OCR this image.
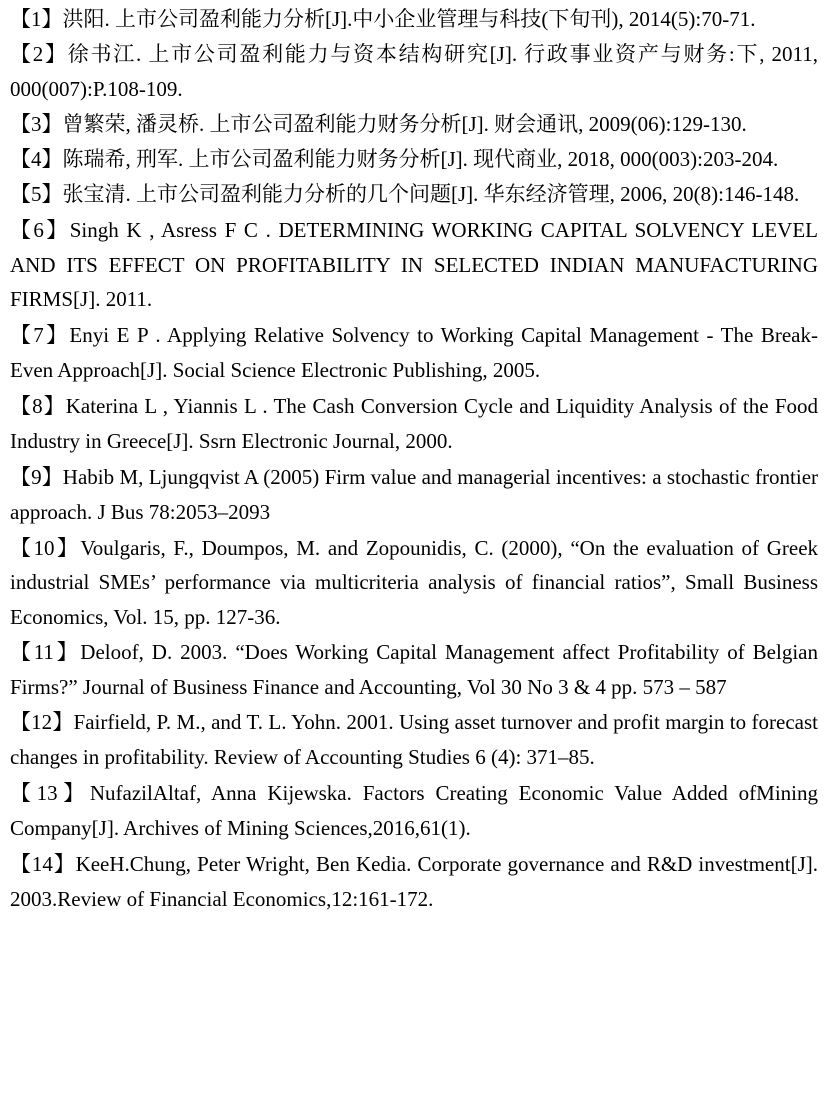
【1】洪阳. 上市公司盈利能力分析[J].中小企业管理与科技(下旬刊), 2014(5):70-71.

【2】徐书江. 上市公司盈利能力与资本结构研究[J]. 行政事业资产与财务:下, 2011, 000(007):P.108-109.

【3】曾繁荣, 潘灵桥. 上市公司盈利能力财务分析[J]. 财会通讯, 2009(06):129-130.

【4】陈瑞希, 刑军. 上市公司盈利能力财务分析[J]. 现代商业, 2018, 000(003):203-204.

【5】张宝清. 上市公司盈利能力分析的几个问题[J]. 华东经济管理, 2006, 20(8):146-148.

【6】Singh K , Asress F C . DETERMINING WORKING CAPITAL SOLVENCY LEVEL AND ITS EFFECT ON PROFITABILITY IN SELECTED INDIAN MANUFACTURING FIRMS[J]. 2011.

【7】Enyi E P . Applying Relative Solvency to Working Capital Management - The Break-Even Approach[J]. Social Science Electronic Publishing, 2005.

【8】Katerina L , Yiannis L . The Cash Conversion Cycle and Liquidity Analysis of the Food Industry in Greece[J]. Ssrn Electronic Journal, 2000.

【9】Habib M, Ljungqvist A (2005) Firm value and managerial incentives: a stochastic frontier approach. J Bus 78:2053–2093

【10】Voulgaris, F., Doumpos, M. and Zopounidis, C. (2000), “On the evaluation of Greek industrial SMEs’ performance via multicriteria analysis of financial ratios”, Small Business Economics, Vol. 15, pp. 127-36.

【11】Deloof, D. 2003. “Does Working Capital Management affect Profitability of Belgian Firms?” Journal of Business Finance and Accounting, Vol 30 No 3 & 4 pp. 573 – 587

【12】Fairfield, P. M., and T. L. Yohn. 2001. Using asset turnover and profit margin to forecast changes in profitability. Review of Accounting Studies 6 (4): 371–85.

【13】NufazilAltaf, Anna Kijewska. Factors Creating Economic Value Added ofMining Company[J]. Archives of Mining Sciences,2016,61(1).

【14】KeeH.Chung, Peter Wright, Ben Kedia. Corporate governance and R&D investment[J]. 2003.Review of Financial Economics,12:161-172.
